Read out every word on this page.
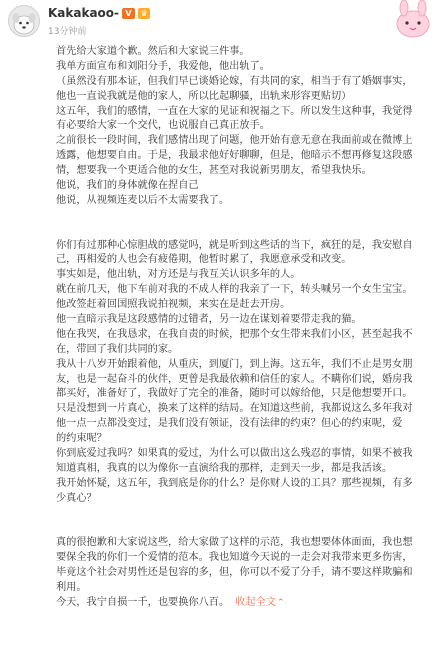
Kakakaoo- V	♛
13分钟前
首先给大家道个歉。然后和大家说三件事。
我单方面宣布和刘阳分手，我爱他，他出轨了。
（虽然没有那本证，但我们早已谈婚论嫁，有共同的家，相当于有了婚姻事实，
他也一直说我就是他的家人，所以比起聊骚，出轨来形容更贴切）
这五年，我们的感情，一直在大家的见证和祝福之下。所以发生这种事，我觉得
有必要给大家一个交代，也说服自己真正放手。
之前很长一段时间，我们感情出现了问题，他开始有意无意在我面前或在微博上
透露，他想要自由。于是，我最求他好好聊聊，但是，他暗示不想再修复这段感
情，想要我一个更适合他的女生，甚至对我说新男朋友，希望我快乐。
他说，我们的身体就像在捏自己
他说，从视频连麦以后不太需要我了。
你们有过那种心惊胆战的感觉吗，就是听到这些话的当下，疯狂的是，我安慰自
己，再相爱的人也会有疲倦期，他暂时累了，我愿意承受和改变。
事实如是，他出轨，对方还是与我互关认识多年的人。
就在前几天，他下车前对我的不成人样的我亲了一下，转头喊另一个女生宝宝。
他改签赶着回国照我说拍视频，来实在是赶去开房。
他一直暗示我是这段感情的过错者，另一边在谋划着要带走我的猫。
他在我哭，在我恳求，在我自责的时候，把那个女生带来我们小区，甚至起我不
在，带回了我们共同的家。
我从十八岁开始跟着他，从重庆，到厦门，到上海。这五年，我们不止是男女朋
友，也是一起奋斗的伙伴，更曾是我最依赖和信任的家人。不瞒你们说，婚房我
都买好，准备好了，我做好了完全的准备，随时可以嫁给他，只是他想要开口。
只是没想到一片真心，换来了这样的结局。在知道这些前，我都说这么多年我对
他一点一点都没变过，是我们没有领证，没有法律的约束？但心的约束呢，爱
的约束呢？
你到底爱过我吗？如果真的爱过，为什么可以做出这么残忍的事情，如果不被我
知道真相，我真的以为像你一直演给我的那样，走到天一步，都是我活该。
我开始怀疑，这五年，我到底是你的什么？是你财人设的工具？那些视频，有多
少真心？
真的很抱歉和大家说这些，给大家做了这样的示范，我也想要体体面面，我也想
要保全我的你们一个爱情的范本。我也知道今天说的一走会对我带来更多伤害，
毕竟这个社会对男性还是包容的多，但，你可以不爱了分手，请不要这样欺骗和
利用。
今天，我宁自损一千，也要换你八百。 收起全文 ⌃
